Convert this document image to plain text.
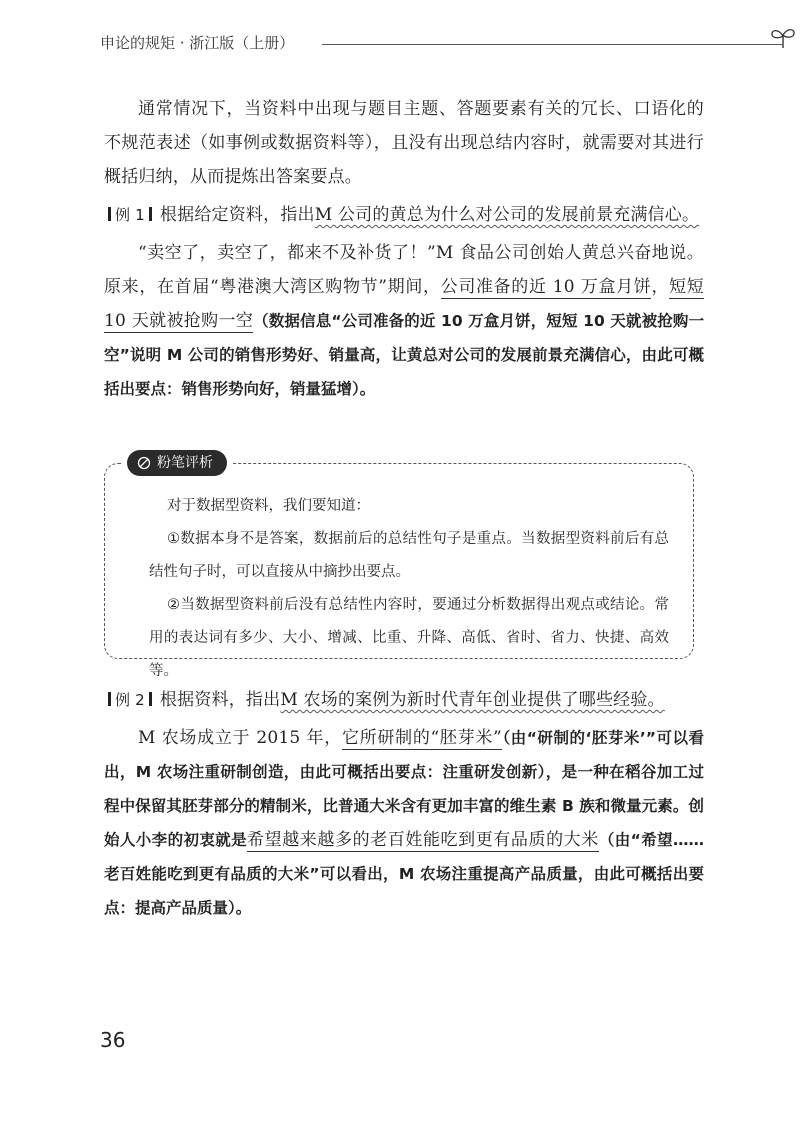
申论的规矩 · 浙江版（上册）

通常情况下，当资料中出现与题目主题、答题要素有关的冗长、口语化的不规范表述（如事例或数据资料等），且没有出现总结内容时，就需要对其进行概括归纳，从而提炼出答案要点。

例 1 根据给定资料，指出M 公司的黄总为什么对公司的发展前景充满信心。

“卖空了，卖空了，都来不及补货了！”M 食品公司创始人黄总兴奋地说。原来，在首届“粤港澳大湾区购物节”期间，公司准备的近 10 万盒月饼，短短 10 天就被抢购一空（数据信息“公司准备的近 10 万盒月饼，短短 10 天就被抢购一空”说明 M 公司的销售形势好、销量高，让黄总对公司的发展前景充满信心，由此可概括出要点：销售形势向好，销量猛增）。

粉笔评析

对于数据型资料，我们要知道：

①数据本身不是答案，数据前后的总结性句子是重点。当数据型资料前后有总结性句子时，可以直接从中摘抄出要点。

②当数据型资料前后没有总结性内容时，要通过分析数据得出观点或结论。常用的表达词有多少、大小、增减、比重、升降、高低、省时、省力、快捷、高效等。

例 2 根据资料，指出M 农场的案例为新时代青年创业提供了哪些经验。

M 农场成立于 2015 年，它所研制的“胚芽米”（由“研制的‘胚芽米’”可以看出，M 农场注重研制创造，由此可概括出要点：注重研发创新），是一种在稻谷加工过程中保留其胚芽部分的精制米，比普通大米含有更加丰富的维生素 B 族和微量元素。创始人小李的初衷就是希望越来越多的老百姓能吃到更有品质的大米（由“希望……老百姓能吃到更有品质的大米”可以看出，M 农场注重提高产品质量，由此可概括出要点：提高产品质量）。

36
